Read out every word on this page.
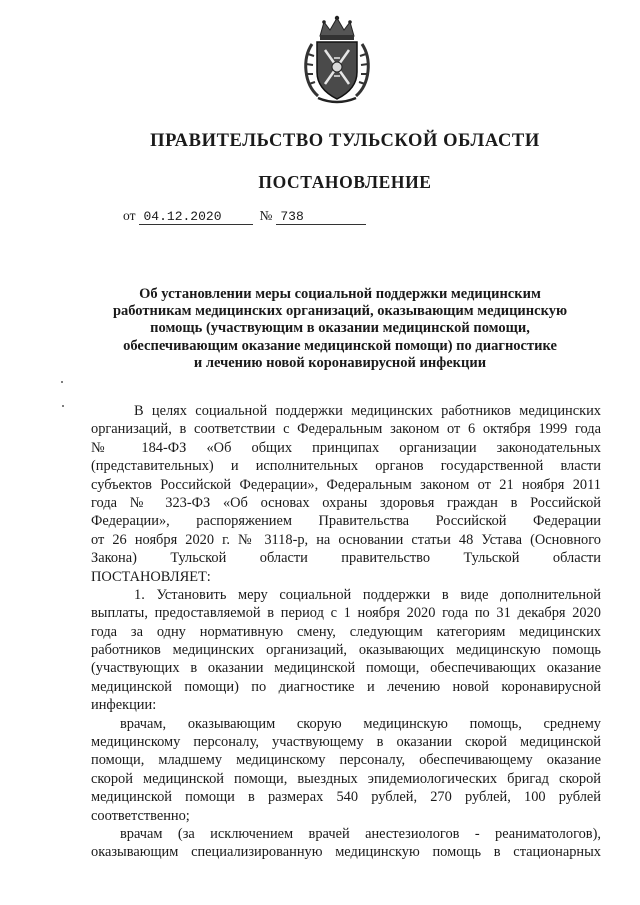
ПРАВИТЕЛЬСТВО ТУЛЬСКОЙ ОБЛАСТИ
ПОСТАНОВЛЕНИЕ
от 04.12.2020	№ 738
Об установлении меры социальной поддержки медицинским
работникам медицинских организаций, оказывающим медицинскую
помощь (участвующим в оказании медицинской помощи,
обеспечивающим оказание медицинской помощи) по диагностике
и лечению новой коронавирусной инфекции
В целях социальной поддержки медицинских работников медицинских
организаций, в соответствии с Федеральным законом от 6 октября 1999 года
№ 184-ФЗ «Об общих принципах организации законодательных
(представительных) и исполнительных органов государственной власти
субъектов Российской Федерации», Федеральным законом от 21 ноября 2011
года № 323-ФЗ «Об основах охраны здоровья граждан в Российской
Федерации», распоряжением Правительства Российской Федерации
от 26 ноября 2020 г. № 3118-р, на основании статьи 48 Устава (Основного
Закона) Тульской области правительство Тульской области
ПОСТАНОВЛЯЕТ:
1. Установить меру социальной поддержки в виде дополнительной
выплаты, предоставляемой в период с 1 ноября 2020 года по 31 декабря 2020
года за одну нормативную смену, следующим категориям медицинских
работников медицинских организаций, оказывающих медицинскую помощь
(участвующих в оказании медицинской помощи, обеспечивающих оказание
медицинской помощи) по диагностике и лечению новой коронавирусной
инфекции:
врачам, оказывающим скорую медицинскую помощь, среднему
медицинскому персоналу, участвующему в оказании скорой медицинской
помощи, младшему медицинскому персоналу, обеспечивающему оказание
скорой медицинской помощи, выездных эпидемиологических бригад скорой
медицинской помощи в размерах 540 рублей, 270 рублей, 100 рублей
соответственно;
врачам (за исключением врачей анестезиологов - реаниматологов),
оказывающим специализированную медицинскую помощь в стационарных
